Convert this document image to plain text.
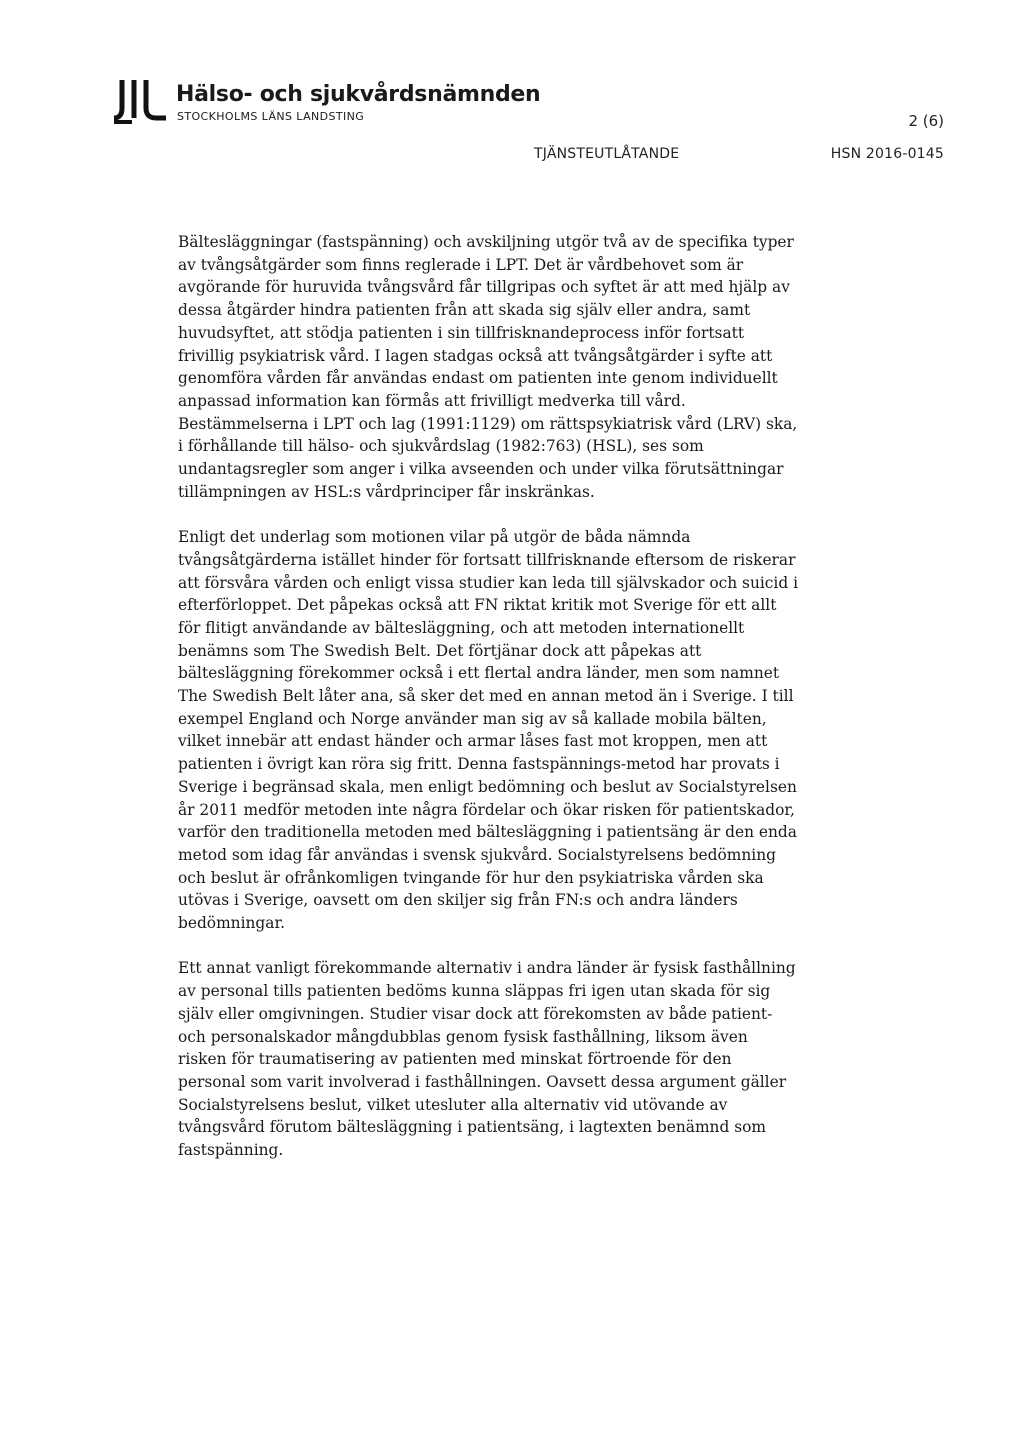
Hälso- och sjukvårdsnämnden
STOCKHOLMS LÄNS LANDSTING	2 (6)
TJÄNSTEUTLÅTANDE	HSN 2016-0145

Bältesläggningar (fastspänning) och avskiljning utgör två av de specifika typer av tvångsåtgärder som finns reglerade i LPT. Det är vårdbehovet som är avgörande för huruvida tvångsvård får tillgripas och syftet är att med hjälp av dessa åtgärder hindra patienten från att skada sig själv eller andra, samt huvudsyftet, att stödja patienten i sin tillfrisknandeprocess inför fortsatt frivillig psykiatrisk vård. I lagen stadgas också att tvångsåtgärder i syfte att genomföra vården får användas endast om patienten inte genom individuellt anpassad information kan förmås att frivilligt medverka till vård. Bestämmelserna i LPT och lag (1991:1129) om rättspsykiatrisk vård (LRV) ska, i förhållande till hälso- och sjukvårdslag (1982:763) (HSL), ses som undantagsregler som anger i vilka avseenden och under vilka förutsättningar tillämpningen av HSL:s vårdprinciper får inskränkas.

Enligt det underlag som motionen vilar på utgör de båda nämnda tvångsåtgärderna istället hinder för fortsatt tillfrisknande eftersom de riskerar att försvåra vården och enligt vissa studier kan leda till självskador och suicid i efterförloppet. Det påpekas också att FN riktat kritik mot Sverige för ett allt för flitigt användande av bältesläggning, och att metoden internationellt benämns som The Swedish Belt. Det förtjänar dock att påpekas att bältesläggning förekommer också i ett flertal andra länder, men som namnet The Swedish Belt låter ana, så sker det med en annan metod än i Sverige. I till exempel England och Norge använder man sig av så kallade mobila bälten, vilket innebär att endast händer och armar låses fast mot kroppen, men att patienten i övrigt kan röra sig fritt. Denna fastspännings-metod har provats i Sverige i begränsad skala, men enligt bedömning och beslut av Socialstyrelsen år 2011 medför metoden inte några fördelar och ökar risken för patientskador, varför den traditionella metoden med bältesläggning i patientsäng är den enda metod som idag får användas i svensk sjukvård. Socialstyrelsens bedömning och beslut är ofrånkomligen tvingande för hur den psykiatriska vården ska utövas i Sverige, oavsett om den skiljer sig från FN:s och andra länders bedömningar.

Ett annat vanligt förekommande alternativ i andra länder är fysisk fasthållning av personal tills patienten bedöms kunna släppas fri igen utan skada för sig själv eller omgivningen. Studier visar dock att förekomsten av både patient- och personalskador mångdubblas genom fysisk fasthållning, liksom även risken för traumatisering av patienten med minskat förtroende för den personal som varit involverad i fasthållningen. Oavsett dessa argument gäller Socialstyrelsens beslut, vilket utesluter alla alternativ vid utövande av tvångsvård förutom bältesläggning i patientsäng, i lagtexten benämnd som fastspänning.
